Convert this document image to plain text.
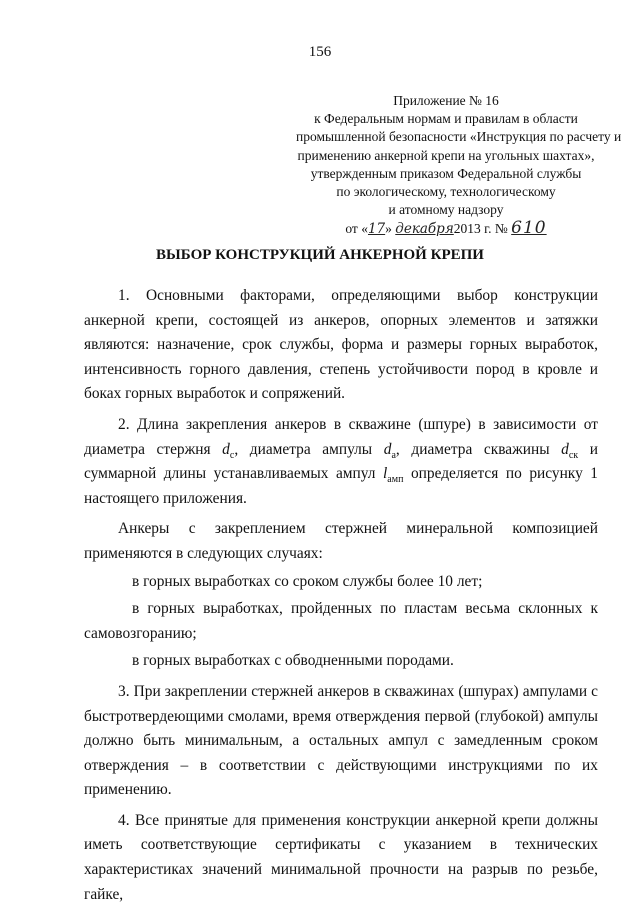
156
Приложение № 16
к Федеральным нормам и правилам в области
промышленной безопасности «Инструкция по расчету и
применению анкерной крепи на угольных шахтах»,
утвержденным приказом Федеральной службы
по экологическому, технологическому
и атомному надзору
от «17» декабря2013 г. № 610
ВЫБОР КОНСТРУКЦИЙ АНКЕРНОЙ КРЕПИ

1. Основными факторами, определяющими выбор конструкции анкерной крепи, состоящей из анкеров, опорных элементов и затяжки являются: назначение, срок службы, форма и размеры горных выработок, интенсивность горного давления, степень устойчивости пород в кровле и боках горных выработок и сопряжений.

2. Длина закрепления анкеров в скважине (шпуре) в зависимости от диаметра стержня $d_с$, диаметра ампулы $d_а$, диаметра скважины $d_{ск}$ и суммарной длины устанавливаемых ампул $l_{амп}$ определяется по рисунку 1 настоящего приложения.

Анкеры с закреплением стержней минеральной композицией применяются в следующих случаях:

в горных выработках со сроком службы более 10 лет;

в горных выработках, пройденных по пластам весьма склонных к самовозгоранию;

в горных выработках с обводненными породами.

3. При закреплении стержней анкеров в скважинах (шпурах) ампулами с быстротвердеющими смолами, время отверждения первой (глубокой) ампулы должно быть минимальным, а остальных ампул с замедленным сроком отверждения – в соответствии с действующими инструкциями по их применению.

4. Все принятые для применения конструкции анкерной крепи должны иметь соответствующие сертификаты с указанием в технических характеристиках значений минимальной прочности на разрыв по резьбе, гайке,
